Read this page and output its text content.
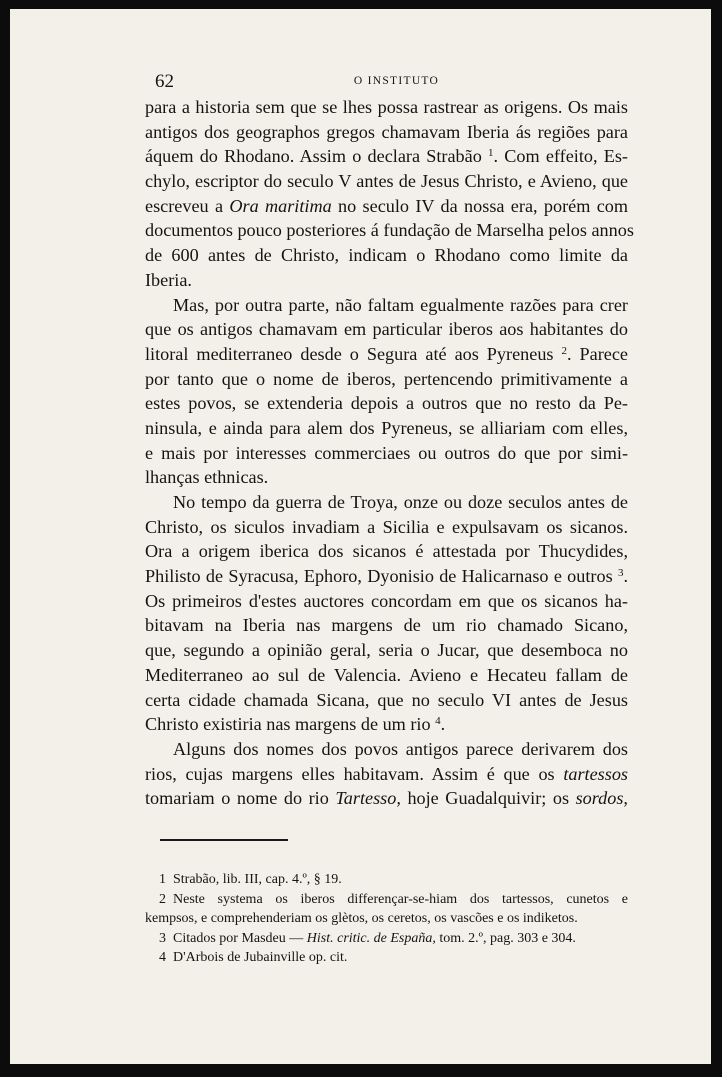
62	O INSTITUTO
para a historia sem que se lhes possa rastrear as origens. Os mais
antigos dos geographos gregos chamavam Iberia ás regiões para
áquem do Rhodano. Assim o declara Strabão $^1$. Com effeito, Es-
chylo, escriptor do seculo V antes de Jesus Christo, e Avieno, que
escreveu a Ora maritima no seculo IV da nossa era, porém com
documentos pouco posteriores á fundação de Marselha pelos annos
de 600 antes de Christo, indicam o Rhodano como limite da
Iberia.
Mas, por outra parte, não faltam egualmente razões para crer
que os antigos chamavam em particular iberos aos habitantes do
litoral mediterraneo desde o Segura até aos Pyreneus $^2$. Parece
por tanto que o nome de iberos, pertencendo primitivamente a
estes povos, se extenderia depois a outros que no resto da Pe-
ninsula, e ainda para alem dos Pyreneus, se alliariam com elles,
e mais por interesses commerciaes ou outros do que por simi-
lhanças ethnicas.
No tempo da guerra de Troya, onze ou doze seculos antes de
Christo, os siculos invadiam a Sicilia e expulsavam os sicanos.
Ora a origem iberica dos sicanos é attestada por Thucydides,
Philisto de Syracusa, Ephoro, Dyonisio de Halicarnaso e outros $^3$.
Os primeiros d'estes auctores concordam em que os sicanos ha-
bitavam na Iberia nas margens de um rio chamado Sicano,
que, segundo a opinião geral, seria o Jucar, que desemboca no
Mediterraneo ao sul de Valencia. Avieno e Hecateu fallam de
certa cidade chamada Sicana, que no seculo VI antes de Jesus
Christo existiria nas margens de um rio $^4$.
Alguns dos nomes dos povos antigos parece derivarem dos
rios, cujas margens elles habitavam. Assim é que os tartessos
tomariam o nome do rio Tartesso, hoje Guadalquivir; os sordos,
1 Strabão, lib. III, cap. 4.º, § 19.
2 Neste systema os iberos differençar-se-hiam dos tartessos, cunetos e
kempsos, e comprehenderiam os glètos, os ceretos, os vascões e os indiketos.
3 Citados por Masdeu — Hist. critic. de España, tom. 2.º, pag. 303 e 304.
4 D'Arbois de Jubainville op. cit.
